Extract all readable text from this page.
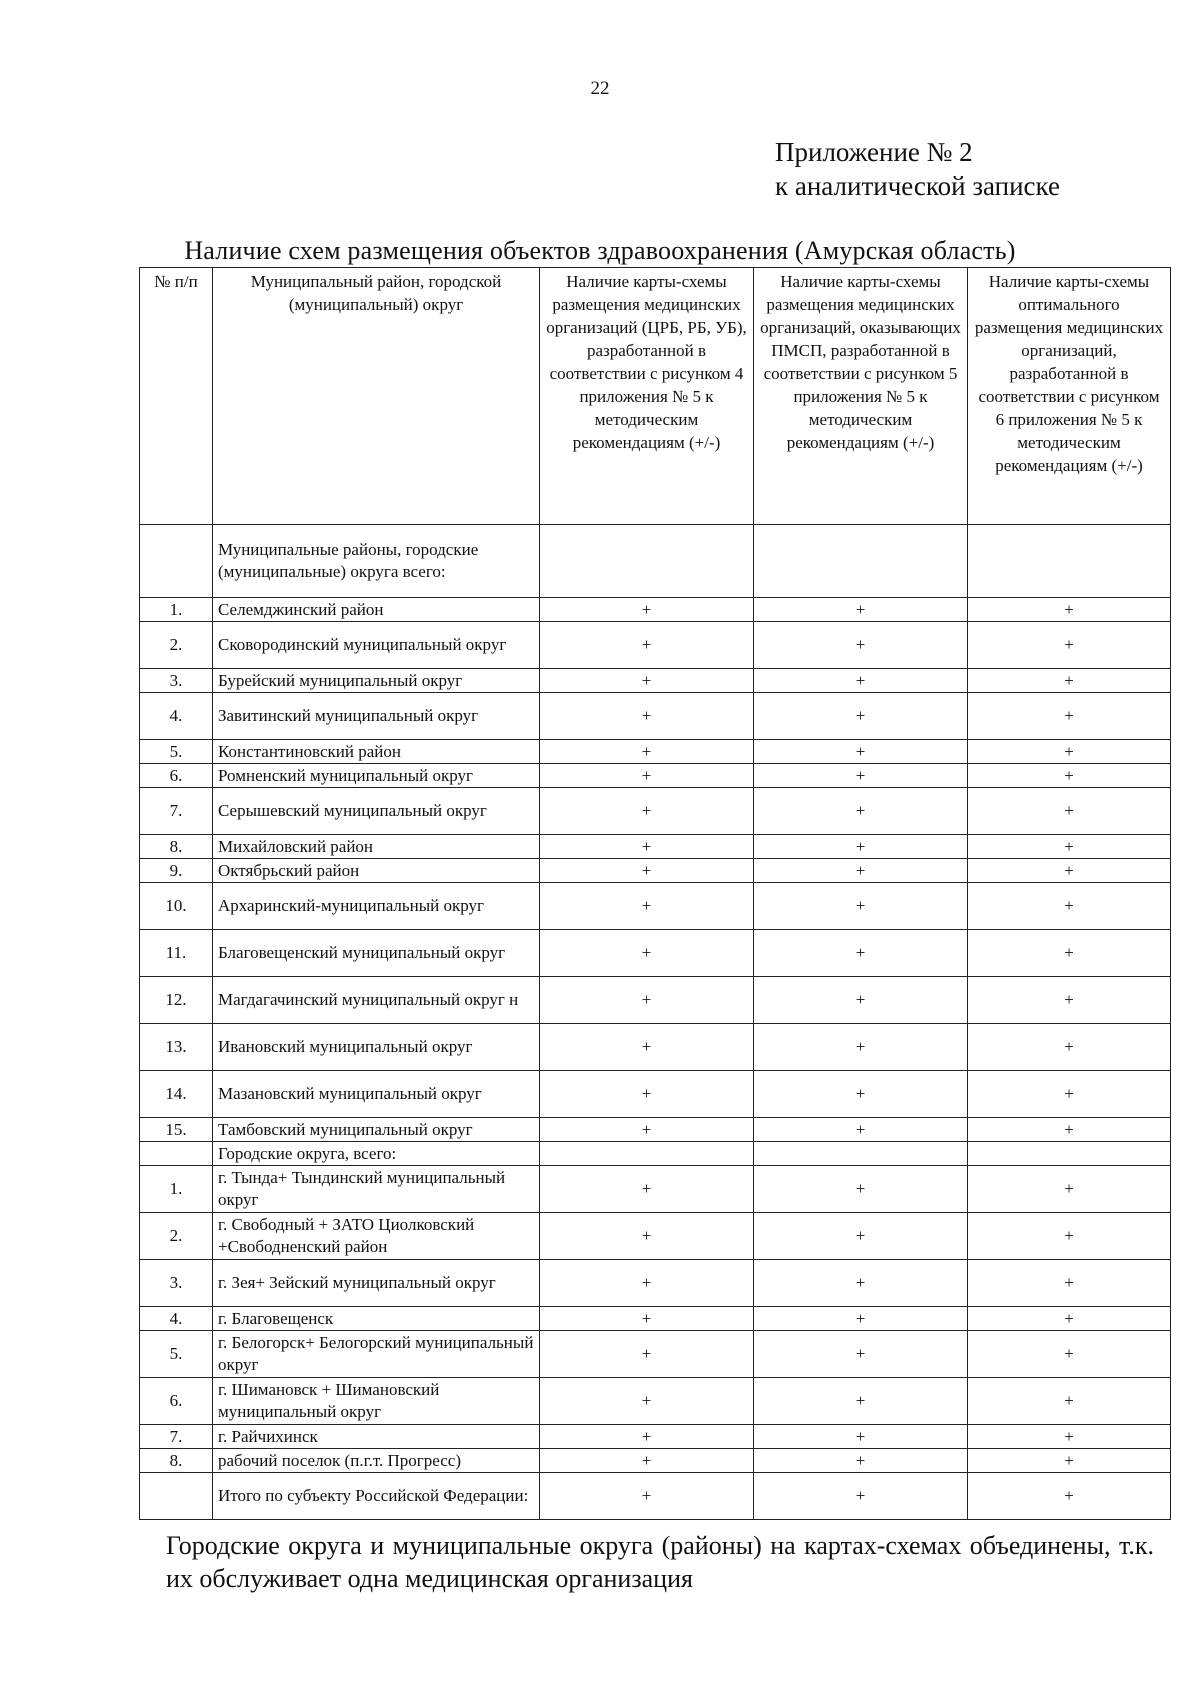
22
Приложение № 2
к аналитической записке
Наличие схем размещения объектов здравоохранения (Амурская область)
№ п/п	Муниципальный район, городской (муниципальный) округ	Наличие карты-схемы размещения медицинских организаций (ЦРБ, РБ, УБ), разработанной в соответствии с рисунком 4 приложения № 5 к методическим рекомендациям (+/-)	Наличие карты-схемы размещения медицинских организаций, оказывающих ПМСП, разработанной в соответствии с рисунком 5 приложения № 5 к методическим рекомендациям (+/-)	Наличие карты-схемы оптимального размещения медицинских организаций, разработанной в соответствии с рисунком 6 приложения № 5 к методическим рекомендациям (+/-)
	Муниципальные районы, городские (муниципальные) округа всего:			
1.	Селемджинский район	+	+	+
2.	Сковородинский муниципальный округ	+	+	+
3.	Бурейский муниципальный округ	+	+	+
4.	Завитинский муниципальный округ	+	+	+
5.	Константиновский район	+	+	+
6.	Ромненский муниципальный округ	+	+	+
7.	Серышевский муниципальный округ	+	+	+
8.	Михайловский район	+	+	+
9.	Октябрьский район	+	+	+
10.	Архаринский-муниципальный округ	+	+	+
11.	Благовещенский муниципальный округ	+	+	+
12.	Магдагачинский муниципальный округ н	+	+	+
13.	Ивановский муниципальный округ	+	+	+
14.	Мазановский муниципальный округ	+	+	+
15.	Тамбовский муниципальный округ	+	+	+
	Городские округа, всего:			
1.	г. Тында+ Тындинский муниципальный округ	+	+	+
2.	г. Свободный + ЗАТО Циолковский +Свободненский район	+	+	+
3.	г. Зея+ Зейский муниципальный округ	+	+	+
4.	г. Благовещенск	+	+	+
5.	г. Белогорск+ Белогорский муниципальный округ	+	+	+
6.	г. Шимановск + Шимановский муниципальный округ	+	+	+
7.	г. Райчихинск	+	+	+
8.	рабочий поселок (п.г.т. Прогресс)	+	+	+
	Итого по субъекту Российской Федерации:	+	+	+
Городские округа и муниципальные округа (районы) на картах-схемах объединены, т.к. их обслуживает одна медицинская организация
